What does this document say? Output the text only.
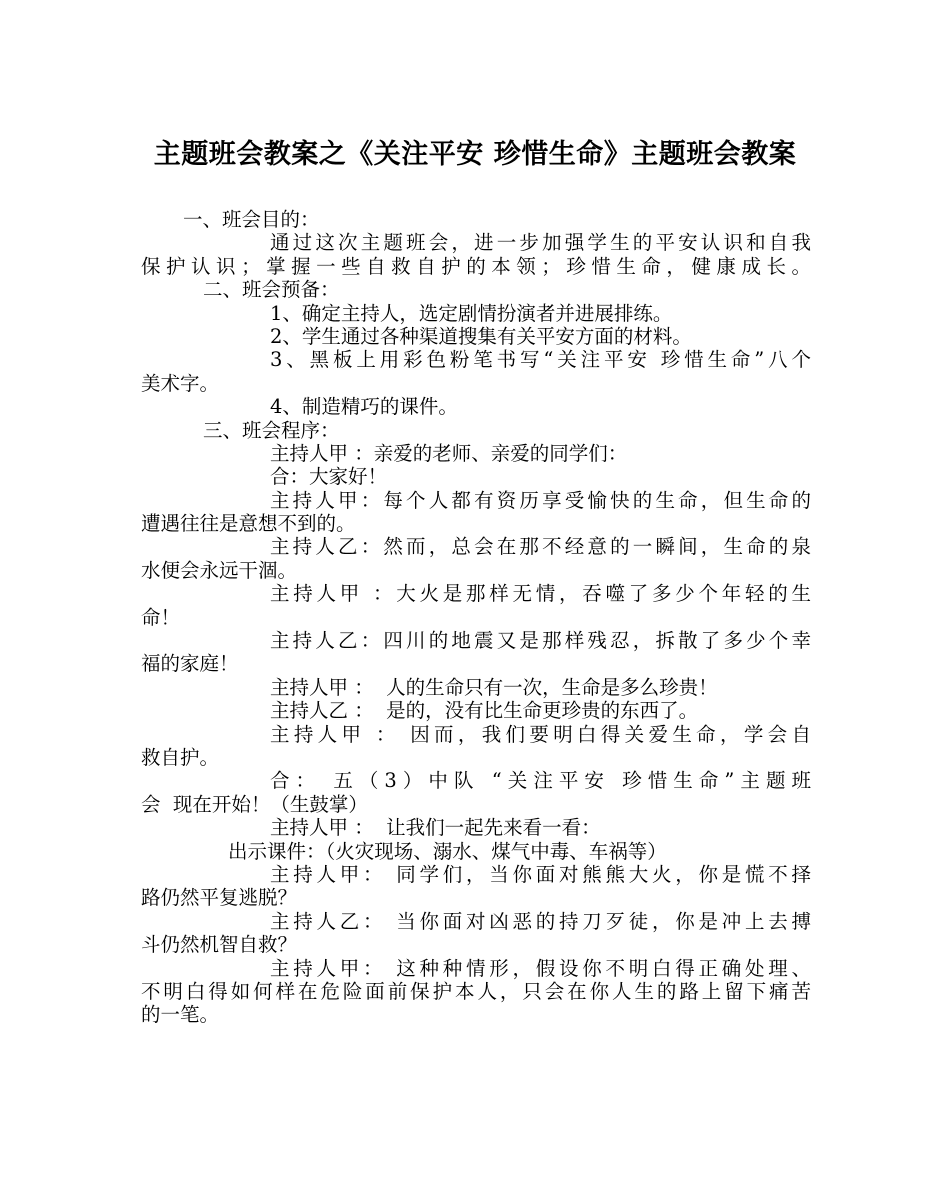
主题班会教案之《关注平安 珍惜生命》主题班会教案
一、班会目的：
通过这次主题班会，进一步加强学生的平安认识和自我
保护认识；掌握一些自救自护的本领；珍惜生命，健康成长。
二、班会预备：
1、确定主持人，选定剧情扮演者并进展排练。
2、学生通过各种渠道搜集有关平安方面的材料。
3、黑板上用彩色粉笔书写“关注平安 珍惜生命”八个
美术字。
4、制造精巧的课件。
三、班会程序：
主持人甲 ：亲爱的老师、亲爱的同学们：
合：大家好！
主持人甲：每个人都有资历享受愉快的生命，但生命的
遭遇往往是意想不到的。
主持人乙：然而，总会在那不经意的一瞬间，生命的泉
水便会永远干涸。
主持人甲 ：大火是那样无情，吞噬了多少个年轻的生
命！
主持人乙：四川的地震又是那样残忍，拆散了多少个幸
福的家庭！
主持人甲 ：  人的生命只有一次，生命是多么珍贵！
主持人乙 ：  是的，没有比生命更珍贵的东西了。
主持人甲 ： 因而，我们要明白得关爱生命，学会自
救自护。
合： 五（3）中队 “关注平安 珍惜生命”主题班
会  现在开始！（生鼓掌）
主持人甲 ：  让我们一起先来看一看：
出示课件：（火灾现场、溺水、煤气中毒、车祸等）
主持人甲： 同学们，当你面对熊熊大火，你是慌不择
路仍然平复逃脱？
主持人乙： 当你面对凶恶的持刀歹徒，你是冲上去搏
斗仍然机智自救？
主持人甲： 这种种情形，假设你不明白得正确处理、
不明白得如何样在危险面前保护本人，只会在你人生的路上留下痛苦
的一笔。
